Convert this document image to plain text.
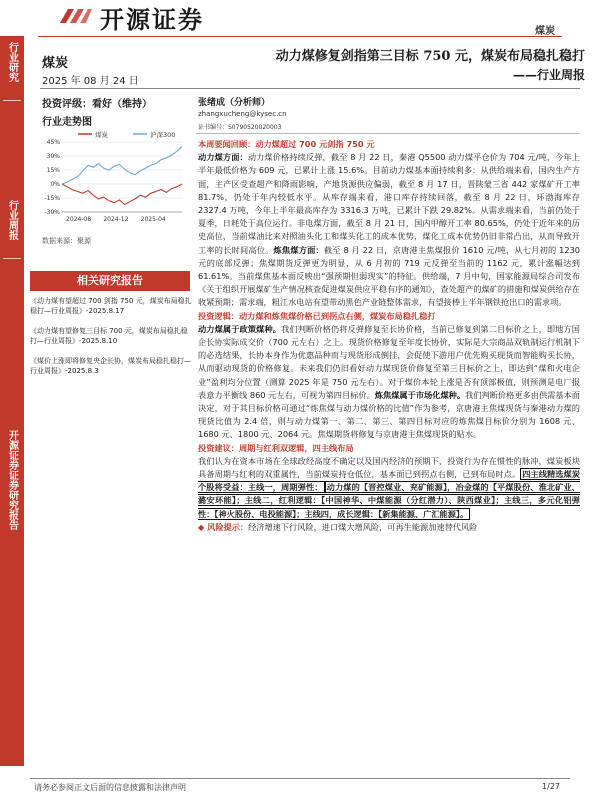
开源证券	煤炭
行业研究
行业周报
开源证券证券研究报告
煤炭
2025 年 08 月 24 日
动力煤修复剑指第三目标 750 元，煤炭布局稳扎稳打
——行业周报
投资评级：看好（维持）
行业走势图
煤炭	沪深300
45%
30%
15%
0%
-15%
-30%
2024-08 2024-12 2025-04
数据来源：聚源
相关研究报告
《动力煤有望超过 700 剑指 750 元，煤炭布局稳扎稳打—行业周报》-2025.8.17
《动力煤有望修复三目标 700 元，煤炭布局稳扎稳打—行业周报》-2025.8.10
《煤价上涨即将修复央企长协，煤炭布局稳扎稳打—行业周报》-2025.8.3
张绪成（分析师）
zhangxucheng@kysec.cn
证书编号：S0790520020003

本周要闻回顾：动力煤超过 700 元剑指 750 元

动力煤方面：动力煤价格持续反弹，截至 8 月 22 日，秦港 Q5500 动力煤平仓价为 704 元/吨，今年上半年最低价格为 609 元，已累计上涨 15.6%。目前动力煤基本面持续利多：从供给端来看，国内生产方面，主产区受查超产和降雨影响，产地货源供应偏弱，截至 8 月 17 日，晋陕蒙三省 442 家煤矿开工率 81.7%，仍处于年内较低水平。从库存端来看，港口库存持续回落，截至 8 月 22 日，环渤海库存 2327.4 万吨，今年上半年最高库存为 3316.3 万吨，已累计下跌 29.82%。从需求端来看，当前仍处于夏季，日耗处于高位运行。非电煤方面，截至 8 月 21 日，国内甲醇开工率 80.65%，仍处于近年来的历史高位，当前煤油比来对照油头化工和煤头化工的成本优势，煤化工成本优势仍旧非常凸出，从而导致开工率的长时间高位。炼焦煤方面：截至 8 月 22 日，京唐港主焦煤报价 1610 元/吨，从七月初的 1230 元的底部反弹；焦煤期货反弹更为明显，从 6 月初的 719 元反弹至当前的 1162 元，累计涨幅达到 61.61%。当前煤焦基本面反映出“强预期但弱现实”的特征。供给端，7 月中旬，国家能源局综合司发布《关于组织开展煤矿生产情况核查促进煤炭供应平稳有序的通知》，查处超产的煤矿的措施和煤炭供给存在收紧预期；需求端，粗江水电站有望带动黑色产业链整体需求，有望接棒上半年钢铁抢出口的需求项。

投资逻辑：动力煤和炼焦煤价格已到拐点右侧，煤炭布局稳扎稳打

动力煤属于政策煤种。我们判断价格仍将反弹修复至长协价格，当前已修复到第二目标价之上，即地方国企长协实际成交价（700 元左右）之上。现货价格修复至年度长协价，实际是大宗商品双轨制运行机制下的必选结果，长协本身作为优惠品种而与现货形成倒挂，会促使下游用户优先购买现货而智能购买长协，从而驱动现货的价格修复。未来我们仍旧看好动力煤现货价修复至第三目标价之上，即达到“煤和火电企业”盈利均分位置（测算 2025 年是 750 元左右）。对于煤价本轮上涨是否有顶部极值，则预测是电厂报表意力平衡线 860 元左右，可视为第四目标价。炼焦煤属于市场化煤种。我们判断价格更多由供需基本面决定，对于其目标价格可通过“炼焦煤与动力煤价格的比值”作为参考，京唐港主焦煤现货与秦港动力煤的现货比值为 2.4 倍，则与动力煤第一、第二、第三、第四目标对应的炼焦煤目标价分别为 1608 元、1680 元、1800 元、2064 元。焦煤期货将修复与京唐港主焦煤现货的贴水。

投资建议：周期与红利双逻辑，四主线布局

我们认为在资本市场在全球政经高度不确定以及国内经济的预期下，投资行为存在惯性的脉冲，煤炭板块具备周期与红利的双重属性，当前煤炭持仓低位，基本面已到拐点右侧，已到布局时点。 四主线精选煤炭个股将受益：主线一，周期弹性： 动力煤的【晋控煤业、兖矿能源】，冶金煤的【平煤股份、淮北矿业、潞安环能】；主线二，红利逻辑：【中国神华、中煤能源（分红潜力）、陕西煤业】；主线三，多元化铝弹性：【神火股份、电投能源】；主线四，成长逻辑：【新集能源、广汇能源】。

◆ 风险提示：经济增速下行风险，进口煤大增风险，可再生能源加速替代风险

请务必参阅正文后面的信息披露和法律声明	1/27
